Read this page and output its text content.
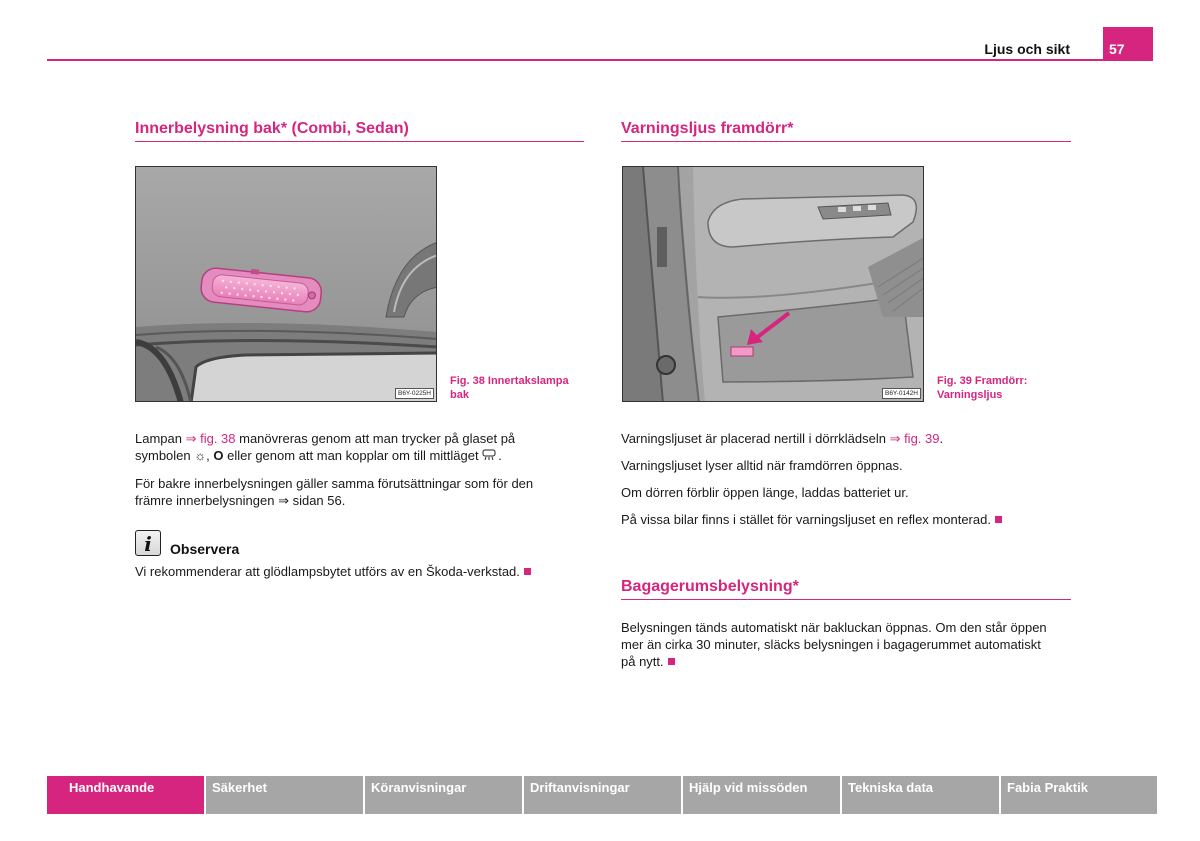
Ljus och sikt	57
Innerbelysning bak* (Combi, Sedan)
B6Y-0225H
Fig. 38 Innertakslampa
bak
Lampan ⇒ fig. 38 manövreras genom att man trycker på glaset på
symbolen ☼, O eller genom att man kopplar om till mittläget .
För bakre innerbelysningen gäller samma förutsättningar som för den
främre innerbelysningen ⇒ sidan 56.
i	Observera
Vi rekommenderar att glödlampsbytet utförs av en Škoda-verkstad.
Varningsljus framdörr*
B6Y-0142H
Fig. 39 Framdörr:
Varningsljus
Varningsljuset är placerad nertill i dörrklädseln ⇒ fig. 39.
Varningsljuset lyser alltid när framdörren öppnas.
Om dörren förblir öppen länge, laddas batteriet ur.
På vissa bilar finns i stället för varningsljuset en reflex monterad.
Bagagerumsbelysning*
Belysningen tänds automatiskt när bakluckan öppnas. Om den står öppen
mer än cirka 30 minuter, släcks belysningen i bagagerummet automatiskt
på nytt.
Handhavande	Säkerhet	Köranvisningar	Driftanvisningar	Hjälp vid missöden	Tekniska data	Fabia Praktik
